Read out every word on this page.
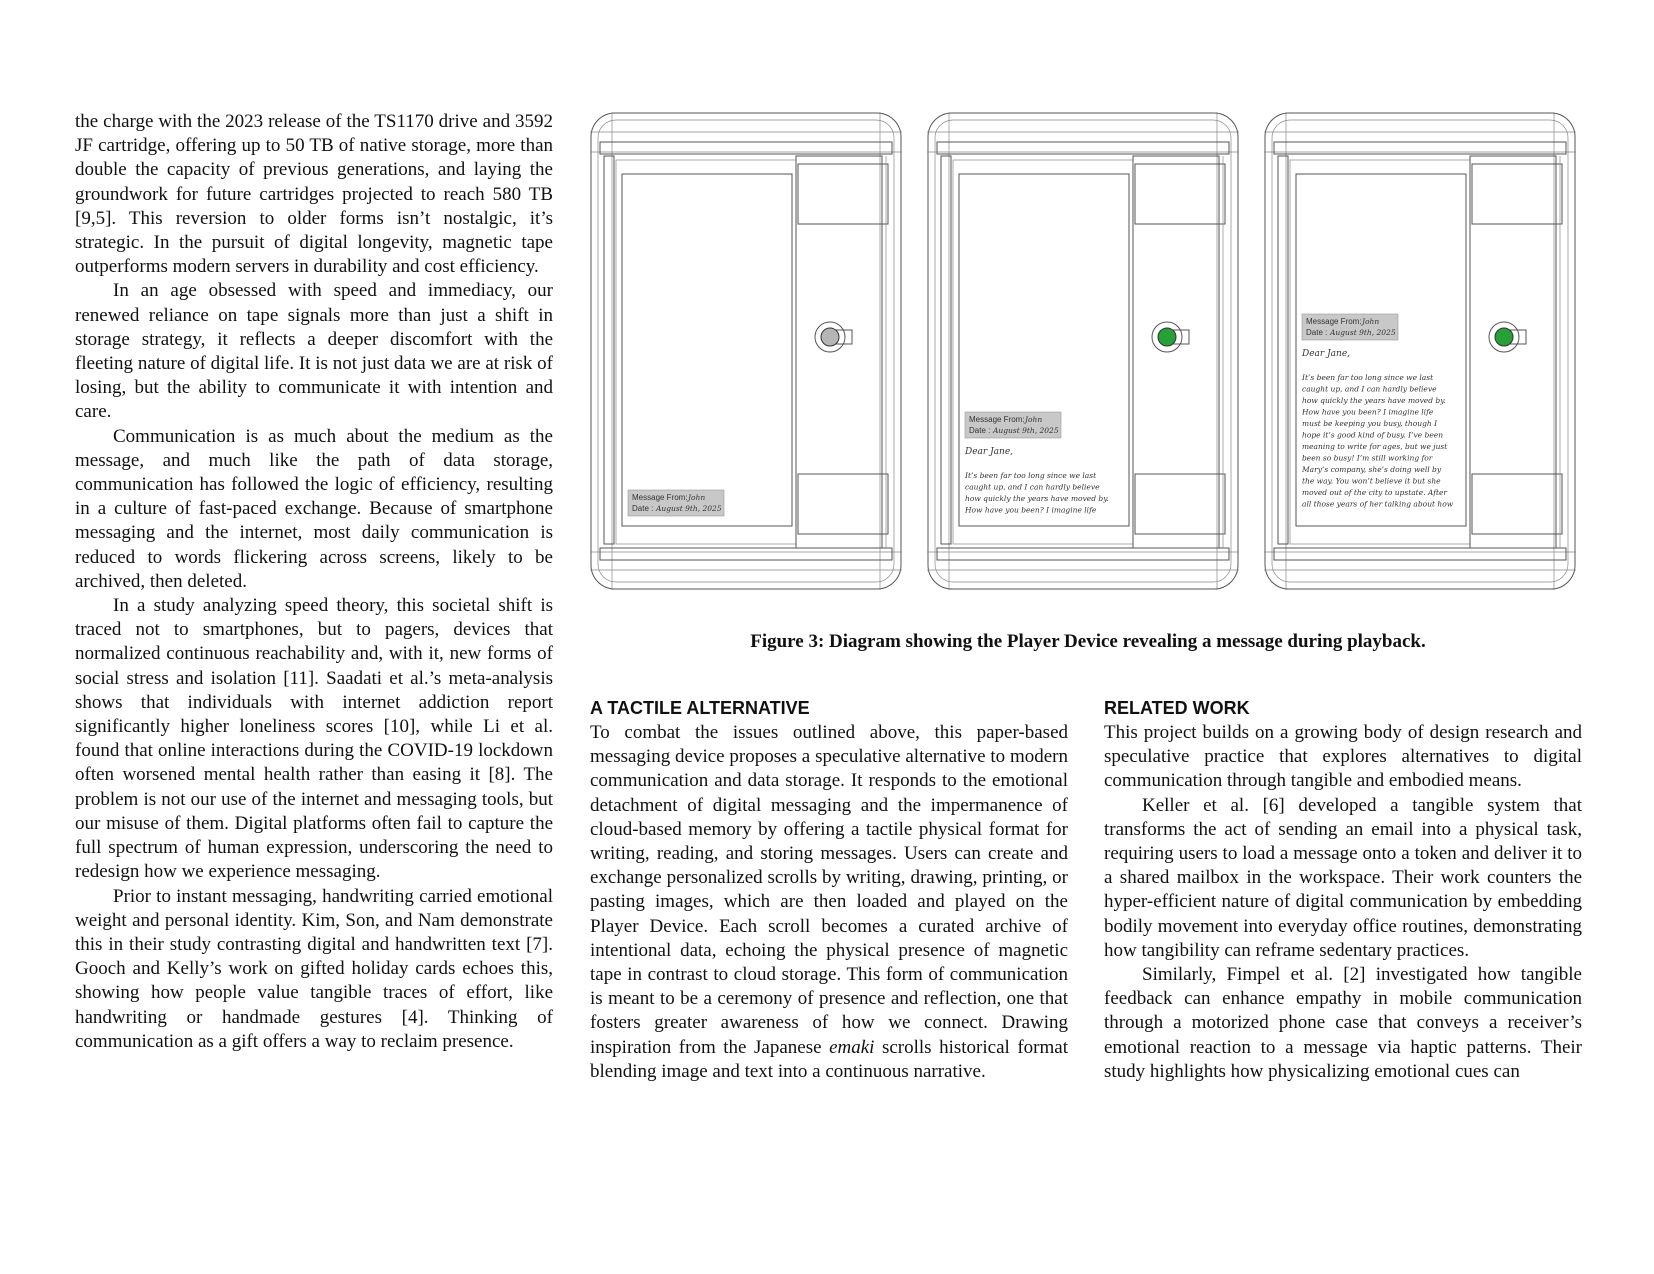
the charge with the 2023 release of the TS1170 drive and 3592 JF cartridge, offering up to 50 TB of native storage, more than double the capacity of previous generations, and laying the groundwork for future cartridges projected to reach 580 TB [9,5]. This reversion to older forms isn’t nostalgic, it’s strategic. In the pursuit of digital longevity, magnetic tape outperforms modern servers in durability and cost efficiency.

In an age obsessed with speed and immediacy, our renewed reliance on tape signals more than just a shift in storage strategy, it reflects a deeper discomfort with the fleeting nature of digital life. It is not just data we are at risk of losing, but the ability to communicate it with intention and care.

Communication is as much about the medium as the message, and much like the path of data storage, communication has followed the logic of efficiency, resulting in a culture of fast-paced exchange. Because of smartphone messaging and the internet, most daily communication is reduced to words flickering across screens, likely to be archived, then deleted.

In a study analyzing speed theory, this societal shift is traced not to smartphones, but to pagers, devices that normalized continuous reachability and, with it, new forms of social stress and isolation [11]. Saadati et al.’s meta-analysis shows that individuals with internet addiction report significantly higher loneliness scores [10], while Li et al. found that online interactions during the COVID-19 lockdown often worsened mental health rather than easing it [8]. The problem is not our use of the internet and messaging tools, but our misuse of them. Digital platforms often fail to capture the full spectrum of human expression, underscoring the need to redesign how we experience messaging.

Prior to instant messaging, handwriting carried emotional weight and personal identity. Kim, Son, and Nam demonstrate this in their study contrasting digital and handwritten text [7]. Gooch and Kelly’s work on gifted holiday cards echoes this, showing how people value tangible traces of effort, like handwriting or handmade gestures [4]. Thinking of communication as a gift offers a way to reclaim presence.

Message From: John
Date : August 9th, 2025
Message From: John
Date : August 9th, 2025
Dear Jane,
It’s been far too long since we last
caught up, and I can hardly believe
how quickly the years have moved by.
How have you been? I imagine life
Message From: John
Date : August 9th, 2025
Dear Jane,
It’s been far too long since we last
caught up, and I can hardly believe
how quickly the years have moved by.
How have you been? I imagine life
must be keeping you busy, though I
hope it’s good kind of busy. I’ve been
meaning to write for ages, but we just
been so busy! I’m still working for
Mary’s company, she’s doing well by
the way. You won’t believe it but she
moved out of the city to upstate. After
all those years of her talking about how
Figure 3: Diagram showing the Player Device revealing a message during playback.
A TACTILE ALTERNATIVE

To combat the issues outlined above, this paper-based messaging device proposes a speculative alternative to modern communication and data storage. It responds to the emotional detachment of digital messaging and the impermanence of cloud-based memory by offering a tactile physical format for writing, reading, and storing messages. Users can create and exchange personalized scrolls by writing, drawing, printing, or pasting images, which are then loaded and played on the Player Device. Each scroll becomes a curated archive of intentional data, echoing the physical presence of magnetic tape in contrast to cloud storage. This form of communication is meant to be a ceremony of presence and reflection, one that fosters greater awareness of how we connect. Drawing inspiration from the Japanese emaki scrolls historical format blending image and text into a continuous narrative.

RELATED WORK

This project builds on a growing body of design research and speculative practice that explores alternatives to digital communication through tangible and embodied means.

Keller et al. [6] developed a tangible system that transforms the act of sending an email into a physical task, requiring users to load a message onto a token and deliver it to a shared mailbox in the workspace. Their work counters the hyper-efficient nature of digital communication by embedding bodily movement into everyday office routines, demonstrating how tangibility can reframe sedentary practices.

Similarly, Fimpel et al. [2] investigated how tangible feedback can enhance empathy in mobile communication through a motorized phone case that conveys a receiver’s emotional reaction to a message via haptic patterns. Their study highlights how physicalizing emotional cues can
